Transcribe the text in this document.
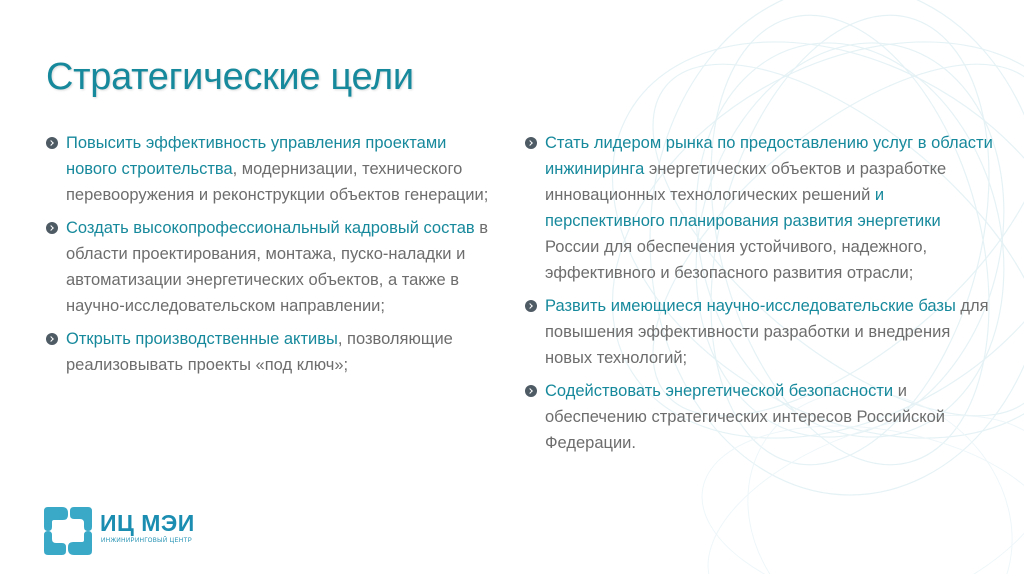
Стратегические цели
Повысить эффективность управления проектами нового строительства, модернизации, технического перевооружения и реконструкции объектов генерации;
Создать высокопрофессиональный кадровый состав в области проектирования, монтажа, пуско-наладки и автоматизации энергетических объектов, а также в научно-исследовательском направлении;
Открыть производственные активы, позволяющие реализовывать проекты «под ключ»;
Стать лидером рынка по предоставлению услуг в области инжиниринга энергетических объектов и разработке инновационных технологических решений и перспективного планирования развития энергетики России для обеспечения устойчивого, надежного, эффективного и безопасного развития отрасли;
Развить имеющиеся научно-исследовательские базы для повышения эффективности разработки и внедрения новых технологий;
Содействовать энергетической безопасности и обеспечению стратегических интересов Российской Федерации.
ИЦ МЭИ
ИНЖИНИРИНГОВЫЙ ЦЕНТР
